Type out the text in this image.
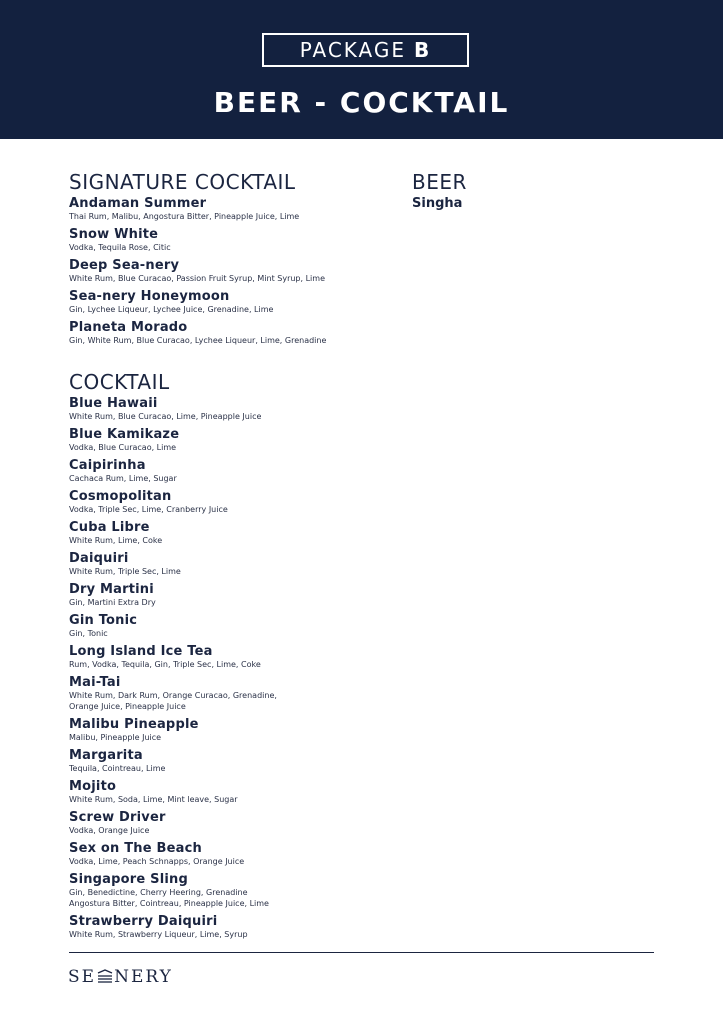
PACKAGE B
BEER - COCKTAIL
SIGNATURE COCKTAIL
Andaman Summer
Thai Rum, Malibu, Angostura Bitter, Pineapple Juice, Lime
Snow White
Vodka, Tequila Rose, Citic
Deep Sea-nery
White Rum, Blue Curacao, Passion Fruit Syrup, Mint Syrup, Lime
Sea-nery Honeymoon
Gin, Lychee Liqueur, Lychee Juice, Grenadine, Lime
Planeta Morado
Gin, White Rum, Blue Curacao, Lychee Liqueur, Lime, Grenadine
BEER
Singha
COCKTAIL
Blue Hawaii
White Rum, Blue Curacao, Lime, Pineapple Juice
Blue Kamikaze
Vodka, Blue Curacao, Lime
Caipirinha
Cachaca Rum, Lime, Sugar
Cosmopolitan
Vodka, Triple Sec, Lime, Cranberry Juice
Cuba Libre
White Rum, Lime, Coke
Daiquiri
White Rum, Triple Sec, Lime
Dry Martini
Gin, Martini Extra Dry
Gin Tonic
Gin, Tonic
Long Island Ice Tea
Rum, Vodka, Tequila, Gin, Triple Sec, Lime, Coke
Mai-Tai
White Rum, Dark Rum, Orange Curacao, Grenadine,
Orange Juice, Pineapple Juice
Malibu Pineapple
Malibu, Pineapple Juice
Margarita
Tequila, Cointreau, Lime
Mojito
White Rum, Soda, Lime, Mint leave, Sugar
Screw Driver
Vodka, Orange Juice
Sex on The Beach
Vodka, Lime, Peach Schnapps, Orange Juice
Singapore Sling
Gin, Benedictine, Cherry Heering, Grenadine
Angostura Bitter, Cointreau, Pineapple Juice, Lime
Strawberry Daiquiri
White Rum, Strawberry Liqueur, Lime, Syrup
SE NERY
